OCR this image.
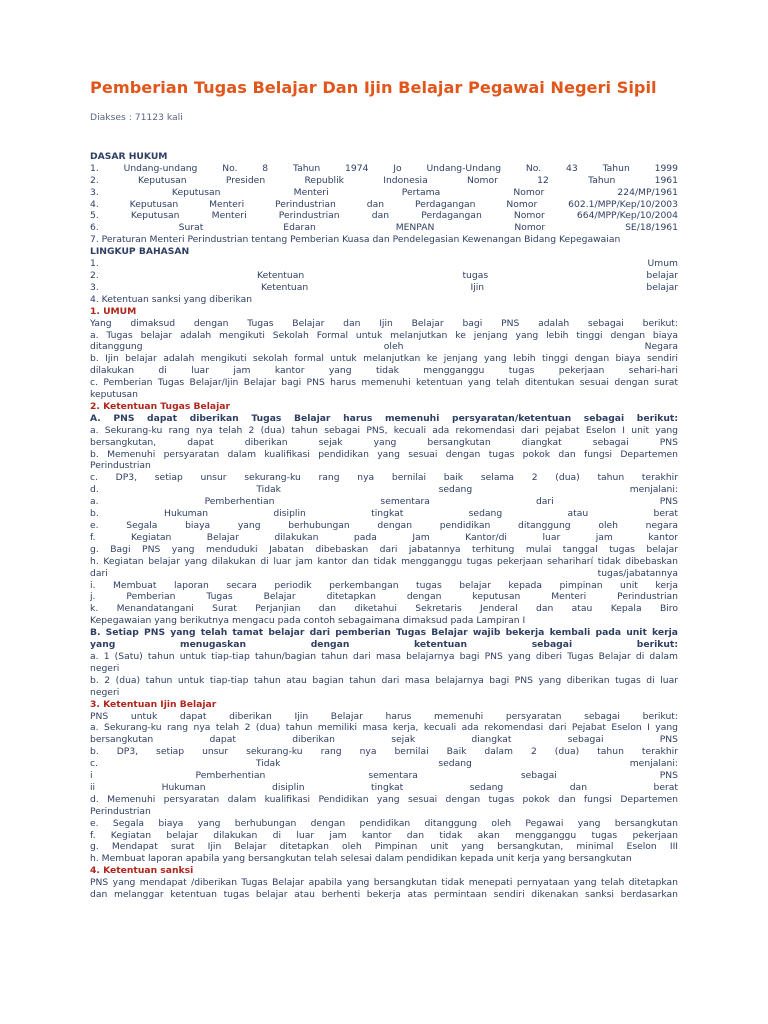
Pemberian Tugas Belajar Dan Ijin Belajar Pegawai Negeri Sipil
Diakses : 71123 kali
DASAR HUKUM
1. Undang-undang No. 8 Tahun 1974 Jo Undang-Undang No. 43 Tahun 1999
2. Keputusan Presiden Republik Indonesia Nomor 12 Tahun 1961
3. Keputusan Menteri Pertama Nomor 224/MP/1961
4. Keputusan Menteri Perindustrian dan Perdagangan Nomor 602.1/MPP/Kep/10/2003
5. Keputusan Menteri Perindustrian dan Perdagangan Nomor 664/MPP/Kep/10/2004
6. Surat Edaran MENPAN Nomor SE/18/1961
7. Peraturan Menteri Perindustrian tentang Pemberian Kuasa dan Pendelegasian Kewenangan Bidang Kepegawaian
LINGKUP BAHASAN
1. Umum
2. Ketentuan tugas belajar
3. Ketentuan Ijin belajar
4. Ketentuan sanksi yang diberikan
1. UMUM
Yang dimaksud dengan Tugas Belajar dan Ijin Belajar bagi PNS adalah sebagai berikut:
a. Tugas belajar adalah mengikuti Sekolah Formal untuk melanjutkan ke jenjang yang lebih tinggi dengan biaya
ditanggung oleh Negara
b. Ijin belajar adalah mengikuti sekolah formal untuk melanjutkan ke jenjang yang lebih tinggi dengan biaya sendiri
dilakukan di luar jam kantor yang tidak mengganggu tugas pekerjaan sehari-hari
c. Pemberian Tugas Belajar/Ijin Belajar bagi PNS harus memenuhi ketentuan yang telah ditentukan sesuai dengan surat
keputusan
2. Ketentuan Tugas Belajar
A. PNS dapat diberikan Tugas Belajar harus memenuhi persyaratan/ketentuan sebagai berikut:
a. Sekurang-ku rang nya telah 2 (dua) tahun sebagai PNS, kecuali ada rekomendasi dari pejabat Eselon I unit yang
bersangkutan, dapat diberikan sejak yang bersangkutan diangkat sebagai PNS
b. Memenuhi persyaratan dalam kualifikasi pendidikan yang sesuai dengan tugas pokok dan fungsi Departemen
Perindustrian
c. DP3, setiap unsur sekurang-ku rang nya bernilai baik selama 2 (dua) tahun terakhir
d. Tidak sedang menjalani:
a. Pemberhentian sementara dari PNS
b. Hukuman disiplin tingkat sedang atau berat
e. Segala biaya yang berhubungan dengan pendidikan ditanggung oleh negara
f. Kegiatan Belajar dilakukan pada Jam Kantor/di luar jam kantor
g. Bagi PNS yang menduduki Jabatan dibebaskan dari jabatannya terhitung mulai tanggal tugas belajar
h. Kegiatan belajar yang dilakukan di luar jam kantor dan tidak mengganggu tugas pekerjaan sehariharí tidak dibebaskan
dari tugas/jabatannya
i. Membuat laporan secara periodik perkembangan tugas belajar kepada pimpinan unit kerja
j. Pemberian Tugas Belajar ditetapkan dengan keputusan Menteri Perindustrian
k. Menandatangani Surat Perjanjian dan diketahui Sekretaris Jenderal dan atau Kepala Biro
Kepegawaian yang berikutnya mengacu pada contoh sebagaimana dimaksud pada Lampiran I
B. Setiap PNS yang telah tamat belajar dari pemberian Tugas Belajar wajib bekerja kembali pada unit kerja
yang menugaskan dengan ketentuan sebagai berikut:
a. 1 (Satu) tahun untuk tiap-tiap tahun/bagian tahun dari masa belajarnya bagi PNS yang diberi Tugas Belajar di dalam
negeri
b. 2 (dua) tahun untuk tiap-tiap tahun atau bagian tahun dari masa belajarnya bagi PNS yang diberikan tugas di luar
negeri
3. Ketentuan Ijin Belajar
PNS untuk dapat diberikan Ijin Belajar harus memenuhi persyaratan sebagai berikut:
a. Sekurang-ku rang nya telah 2 (dua) tahun memiliki masa kerja, kecuali ada rekomendasi dari Pejabat Eselon I yang
bersangkutan dapat diberikan sejak diangkat sebagai PNS
b. DP3, setiap unsur sekurang-ku rang nya bernilai Baik dalam 2 (dua) tahun terakhir
c. Tidak sedang menjalani:
i Pemberhentian sementara sebagai PNS
ii Hukuman disiplin tingkat sedang dan berat
d. Memenuhi persyaratan dalam kualifikasi Pendidikan yang sesuai dengan tugas pokok dan fungsi Departemen
Perindustrian
e. Segala biaya yang berhubungan dengan pendidikan ditanggung oleh Pegawai yang bersangkutan
f. Kegiatan belajar dilakukan di luar jam kantor dan tidak akan mengganggu tugas pekerjaan
g. Mendapat surat Ijin Belajar ditetapkan oleh Pimpinan unit yang bersangkutan, minimal Eselon III
h. Membuat laporan apabila yang bersangkutan telah selesai dalam pendidikan kepada unit kerja yang bersangkutan
4. Ketentuan sanksi
PNS yang mendapat /diberikan Tugas Belajar apabila yang bersangkutan tidak menepati pernyataan yang telah ditetapkan
dan melanggar ketentuan tugas belajar atau berhenti bekerja atas permintaan sendiri dikenakan sanksi berdasarkan
